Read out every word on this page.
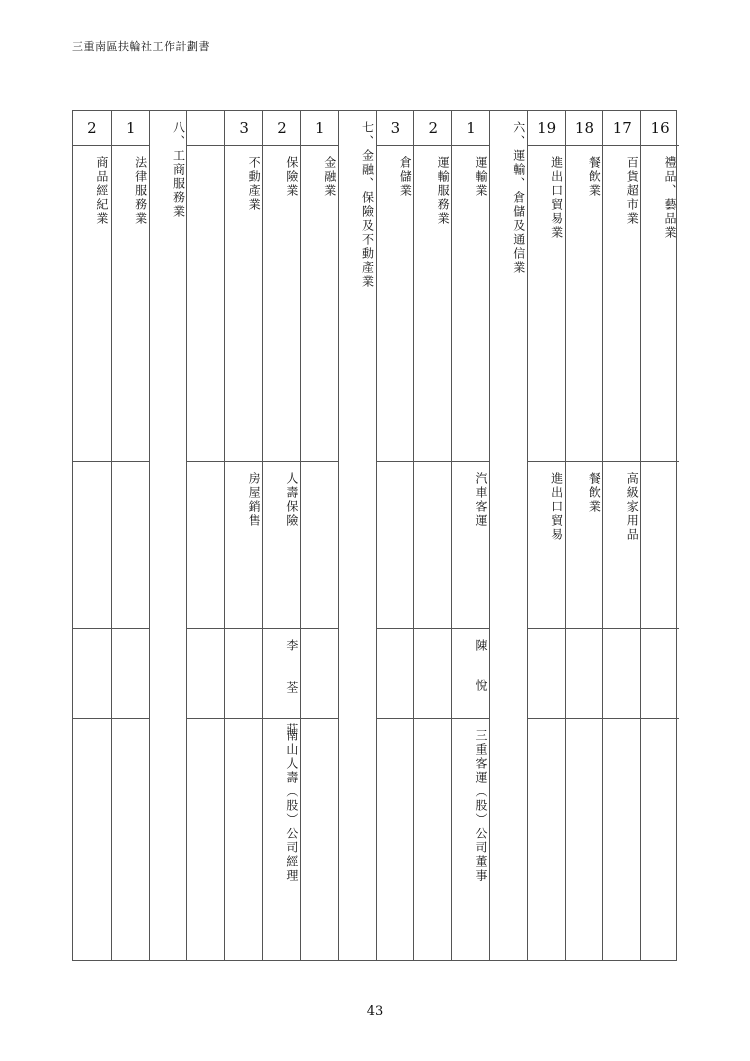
三重南區扶輪社工作計劃書
16
禮品、藝品業
17
百貨超市業
高級家用品
18
餐飲業
餐飲業
19
進出口貿易業
進出口貿易
六、運輸、倉儲及通信業
1
運輸業
汽車客運
陳　悅
三重客運（股）公司董事
2
運輸服務業
3
倉儲業
七、金融、保險及不動產業
1
金融業
2
保險業
人壽保險
李 荃 莊
南山人壽（股）公司經理
3
不動產業
房屋銷售
八、工商服務業
1
法律服務業
2
商品經紀業
43
